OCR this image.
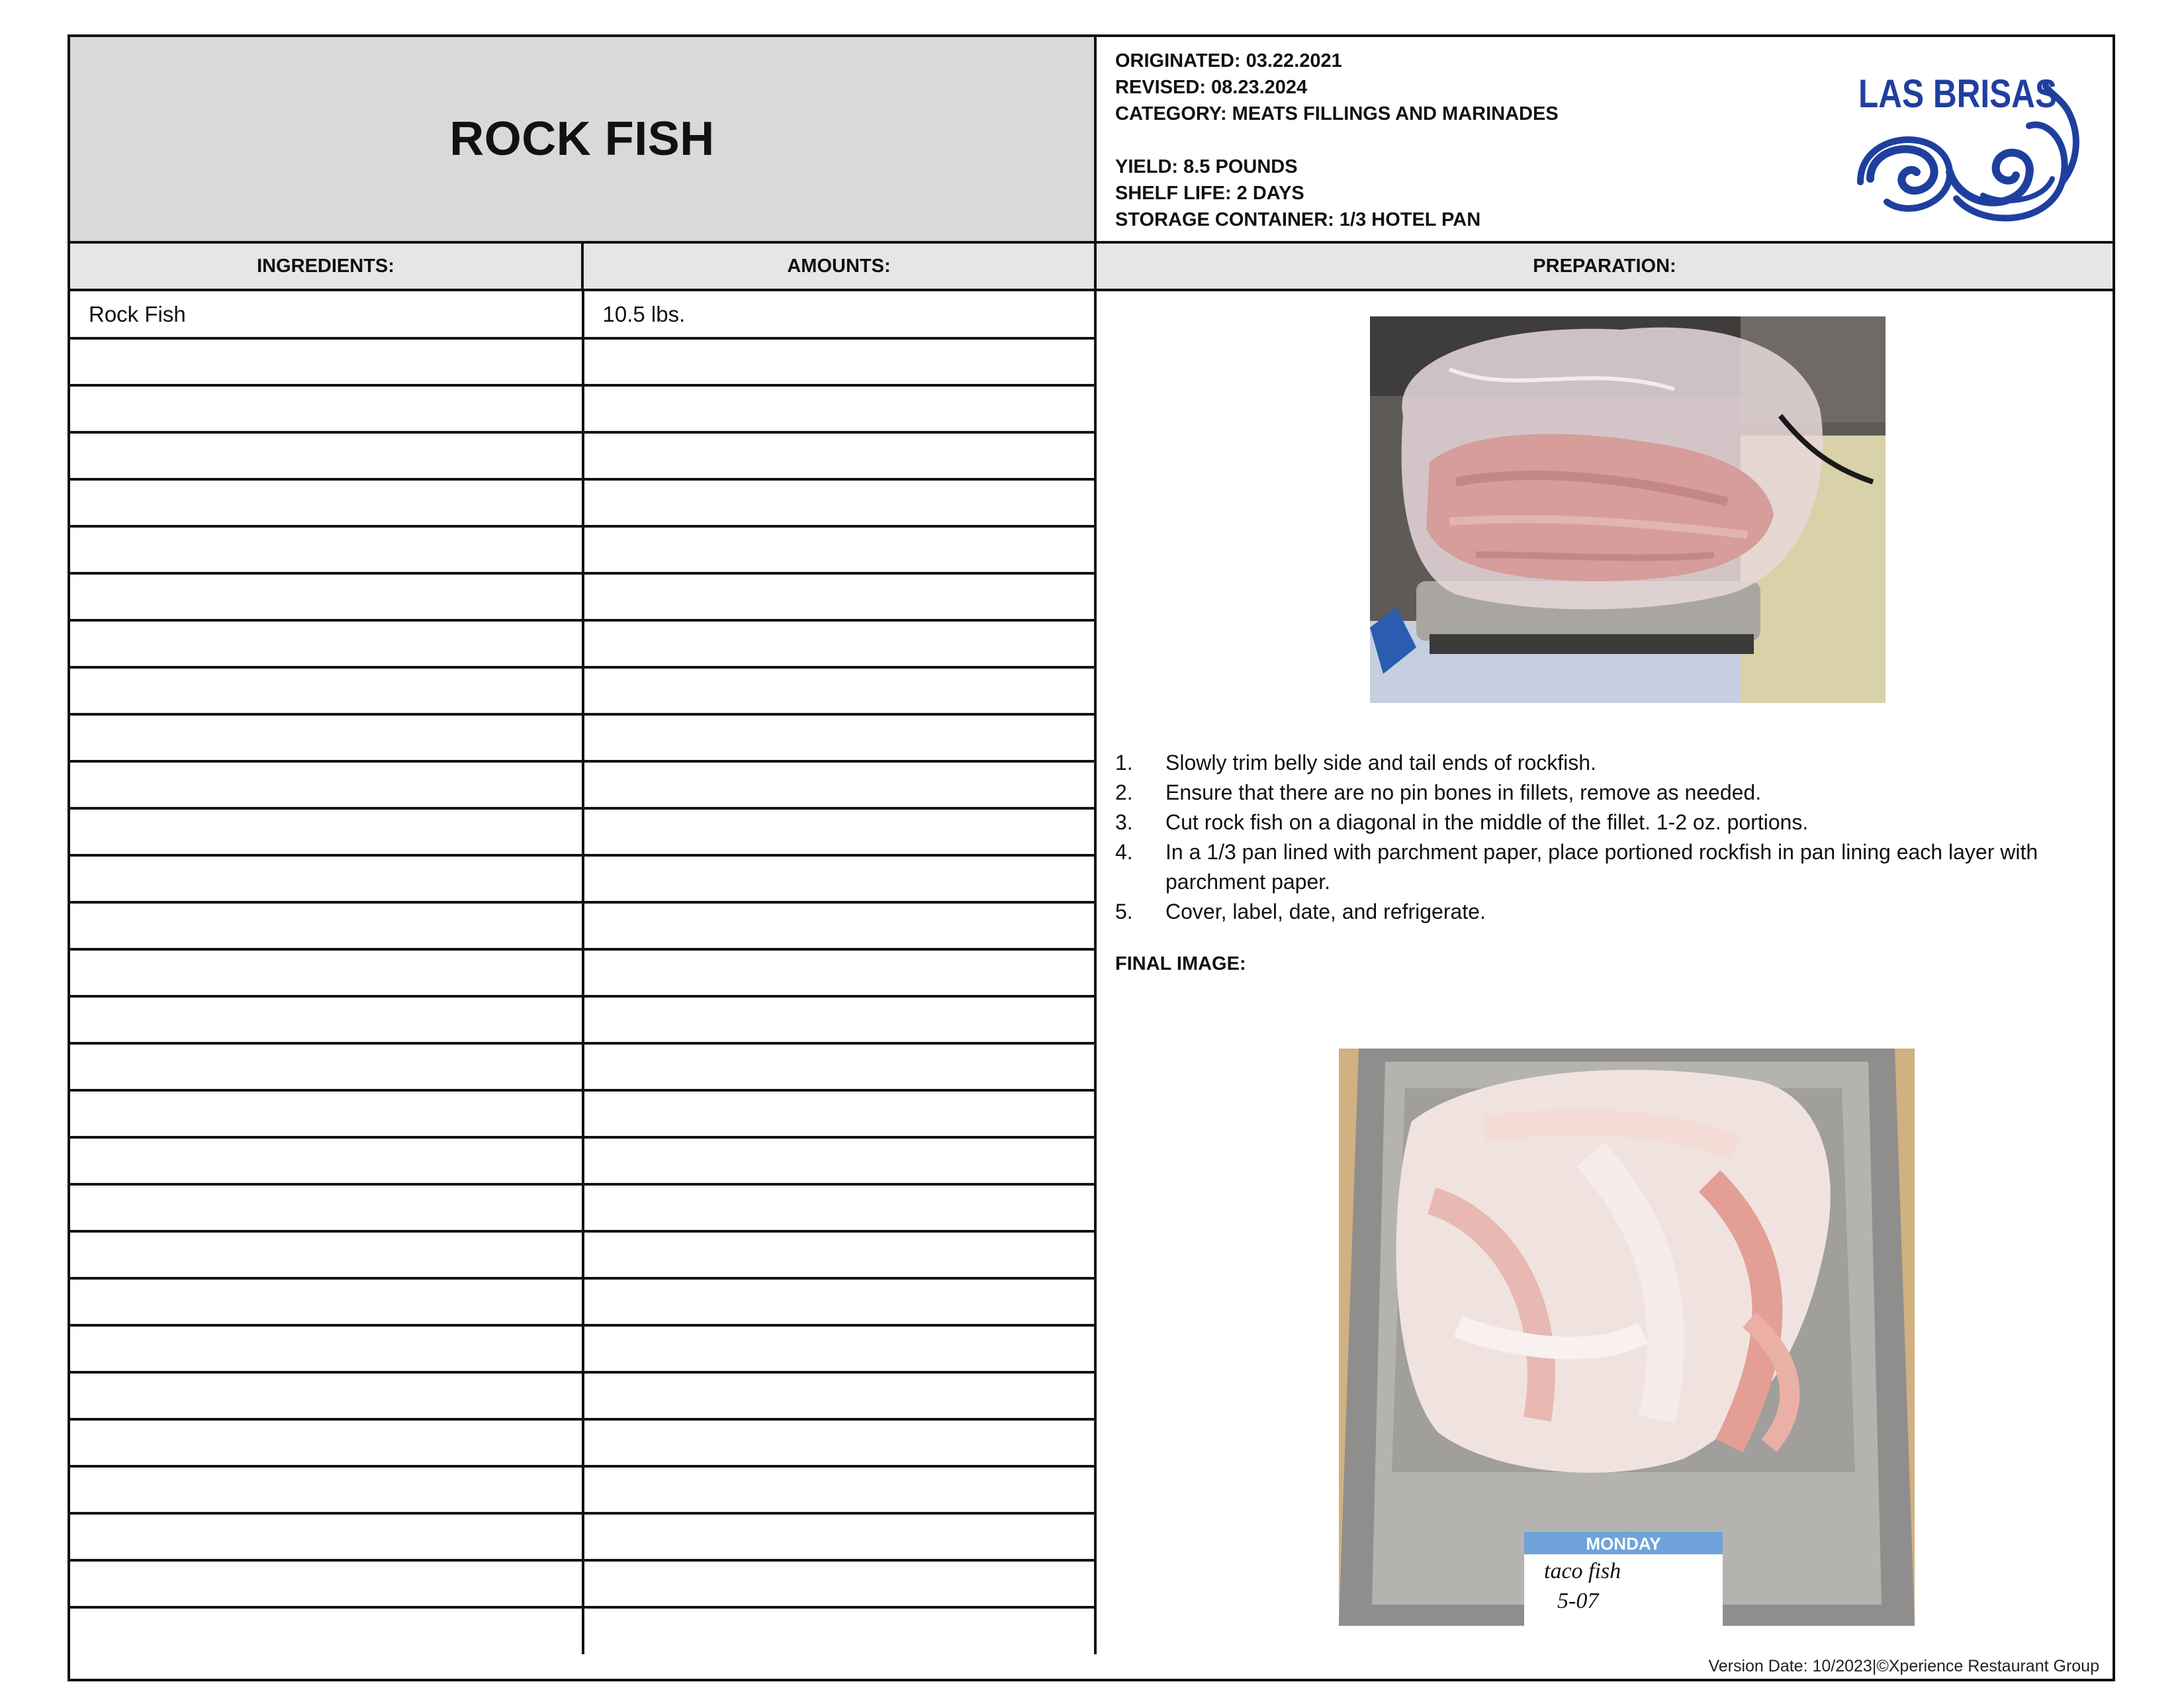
ROCK FISH
ORIGINATED: 03.22.2021
REVISED: 08.23.2024
CATEGORY: MEATS FILLINGS AND MARINADES
YIELD: 8.5 POUNDS
SHELF LIFE: 2 DAYS
STORAGE CONTAINER: 1/3 HOTEL PAN
LAS BRISAS
INGREDIENTS:	AMOUNTS:	PREPARATION:
Rock Fish	10.5 lbs.

1. Slowly trim belly side and tail ends of rockfish.
2. Ensure that there are no pin bones in fillets, remove as needed.
3. Cut rock fish on a diagonal in the middle of the fillet. 1-2 oz. portions.
4. In a 1/3 pan lined with parchment paper, place portioned rockfish in pan lining each layer with parchment paper.
5. Cover, label, date, and refrigerate.
FINAL IMAGE:
MONDAY
taco fish
5-07
Version Date: 10/2023|©Xperience Restaurant Group
